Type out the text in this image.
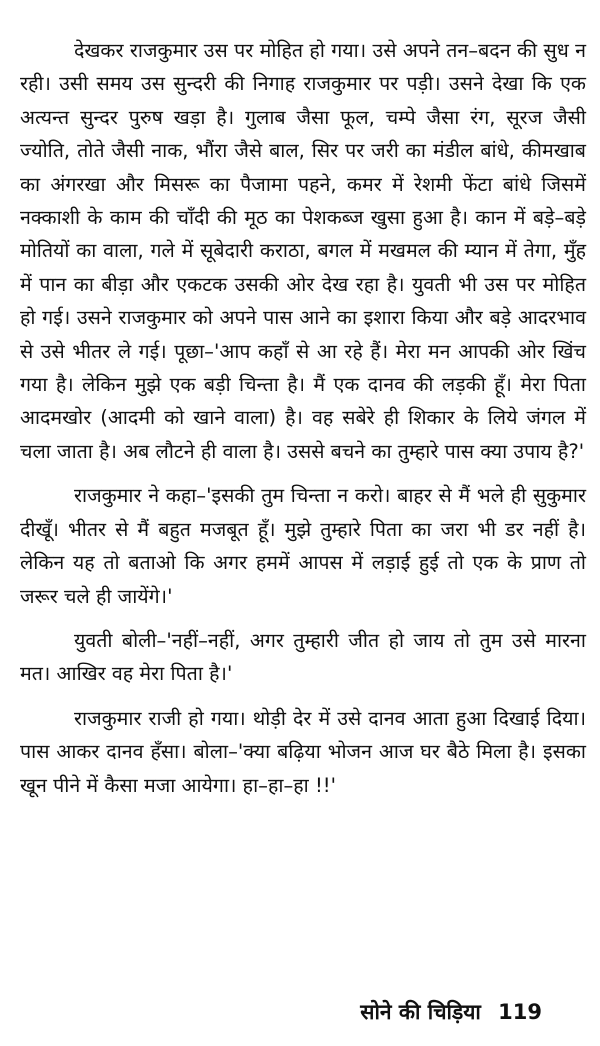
देखकर राजकुमार उस पर मोहित हो गया। उसे अपने तन–बदन की सुध न रही। उसी समय उस सुन्दरी की निगाह राजकुमार पर पड़ी। उसने देखा कि एक अत्यन्त सुन्दर पुरुष खड़ा है। गुलाब जैसा फूल, चम्पे जैसा रंग, सूरज जैसी ज्योति, तोते जैसी नाक, भौंरा जैसे बाल, सिर पर जरी का मंडील बांधे, कीमखाब का अंगरखा और मिसरू का पैजामा पहने, कमर में रेशमी फेंटा बांधे जिसमें नक्काशी के काम की चाँदी की मूठ का पेशकब्ज खुसा हुआ है। कान में बड़े–बड़े मोतियों का वाला, गले में सूबेदारी कराठा, बगल में मखमल की म्यान में तेगा, मुँह में पान का बीड़ा और एकटक उसकी ओर देख रहा है। युवती भी उस पर मोहित हो गई। उसने राजकुमार को अपने पास आने का इशारा किया और बड़े आदरभाव से उसे भीतर ले गई। पूछा–'आप कहाँ से आ रहे हैं। मेरा मन आपकी ओर खिंच गया है। लेकिन मुझे एक बड़ी चिन्ता है। मैं एक दानव की लड़की हूँ। मेरा पिता आदमखोर (आदमी को खाने वाला) है। वह सबेरे ही शिकार के लिये जंगल में चला जाता है। अब लौटने ही वाला है। उससे बचने का तुम्हारे पास क्या उपाय है?'

राजकुमार ने कहा–'इसकी तुम चिन्ता न करो। बाहर से मैं भले ही सुकुमार दीखूँ। भीतर से मैं बहुत मजबूत हूँ। मुझे तुम्हारे पिता का जरा भी डर नहीं है। लेकिन यह तो बताओ कि अगर हममें आपस में लड़ाई हुई तो एक के प्राण तो जरूर चले ही जायेंगे।'

युवती बोली–'नहीं–नहीं, अगर तुम्हारी जीत हो जाय तो तुम उसे मारना मत। आखिर वह मेरा पिता है।'

राजकुमार राजी हो गया। थोड़ी देर में उसे दानव आता हुआ दिखाई दिया। पास आकर दानव हँसा। बोला–'क्या बढ़िया भोजन आज घर बैठे मिला है। इसका खून पीने में कैसा मजा आयेगा। हा–हा–हा !!'

सोने की चिड़िया 119
